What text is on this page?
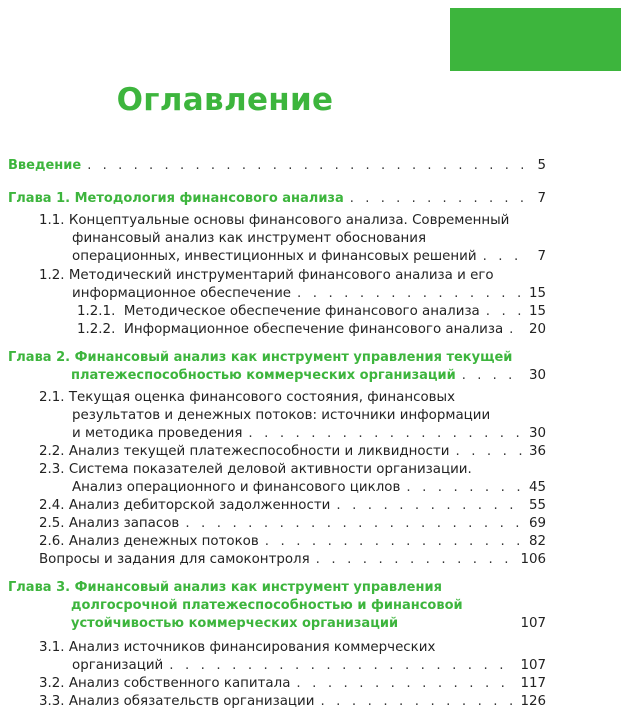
Оглавление
Введение . . .	5
Глава 1. Методология финансового анализа . . .	7
1.1. Концептуальные основы финансового анализа. Современный
финансовый анализ как инструмент обоснования
операционных, инвестиционных и финансовых решений . . .	7
1.2. Методический инструментарий финансового анализа и его
информационное обеспечение . . .	15
1.2.1. Методическое обеспечение финансового анализа . . .	15
1.2.2. Информационное обеспечение финансового анализа . . . 20
Глава 2. Финансовый анализ как инструмент управления текущей
платежеспособностью коммерческих организаций . . .	30
2.1. Текущая оценка финансового состояния, финансовых
результатов и денежных потоков: источники информации
и методика проведения . . .	30
2.2. Анализ текущей платежеспособности и ликвидности . . .	36
2.3. Система показателей деловой активности организации.
Анализ операционного и финансового циклов . . .	45
2.4. Анализ дебиторской задолженности . . .	55
2.5. Анализ запасов . . .	69
2.6. Анализ денежных потоков . . .	82
Вопросы и задания для самоконтроля . . .	106
Глава 3. Финансовый анализ как инструмент управления
долгосрочной платежеспособностью и финансовой
устойчивостью коммерческих организаций	107
3.1. Анализ источников финансирования коммерческих
организаций . . .	107
3.2. Анализ собственного капитала . . .	117
3.3. Анализ обязательств организации . . .	126
